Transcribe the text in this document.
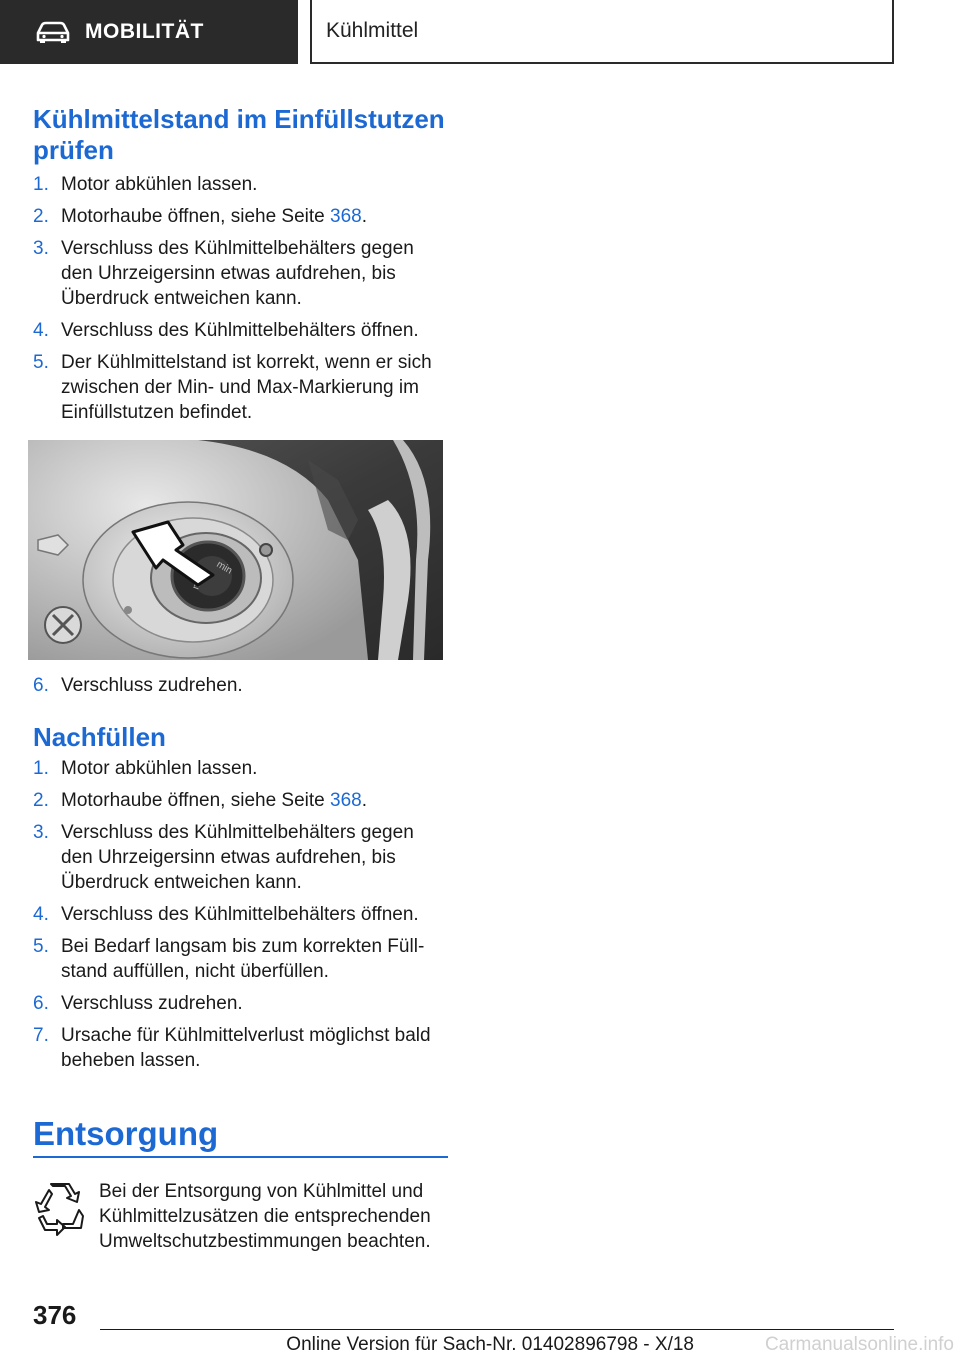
MOBILITÄT	Kühlmittel
Kühlmittelstand im Einfüllstutzen
prüfen
1. Motor abkühlen lassen.
2. Motorhaube öffnen, siehe Seite 368.
3. Verschluss des Kühlmittelbehälters gegen den Uhrzeigersinn etwas aufdrehen, bis Überdruck entweichen kann.
4. Verschluss des Kühlmittelbehälters öffnen.
5. Der Kühlmittelstand ist korrekt, wenn er sich zwischen der Min- und Max-Markierung im Einfüllstutzen befindet.
min
6. Verschluss zudrehen.
Nachfüllen
1. Motor abkühlen lassen.
2. Motorhaube öffnen, siehe Seite 368.
3. Verschluss des Kühlmittelbehälters gegen den Uhrzeigersinn etwas aufdrehen, bis Überdruck entweichen kann.
4. Verschluss des Kühlmittelbehälters öffnen.
5. Bei Bedarf langsam bis zum korrekten Füllstand auffüllen, nicht überfüllen.
6. Verschluss zudrehen.
7. Ursache für Kühlmittelverlust möglichst bald beheben lassen.
Entsorgung
Bei der Entsorgung von Kühlmittel und Kühlmittelzusätzen die entsprechenden Umweltschutzbestimmungen beachten.
376
Online Version für Sach-Nr. 01402896798 - X/18	Carmanualsonline.info
